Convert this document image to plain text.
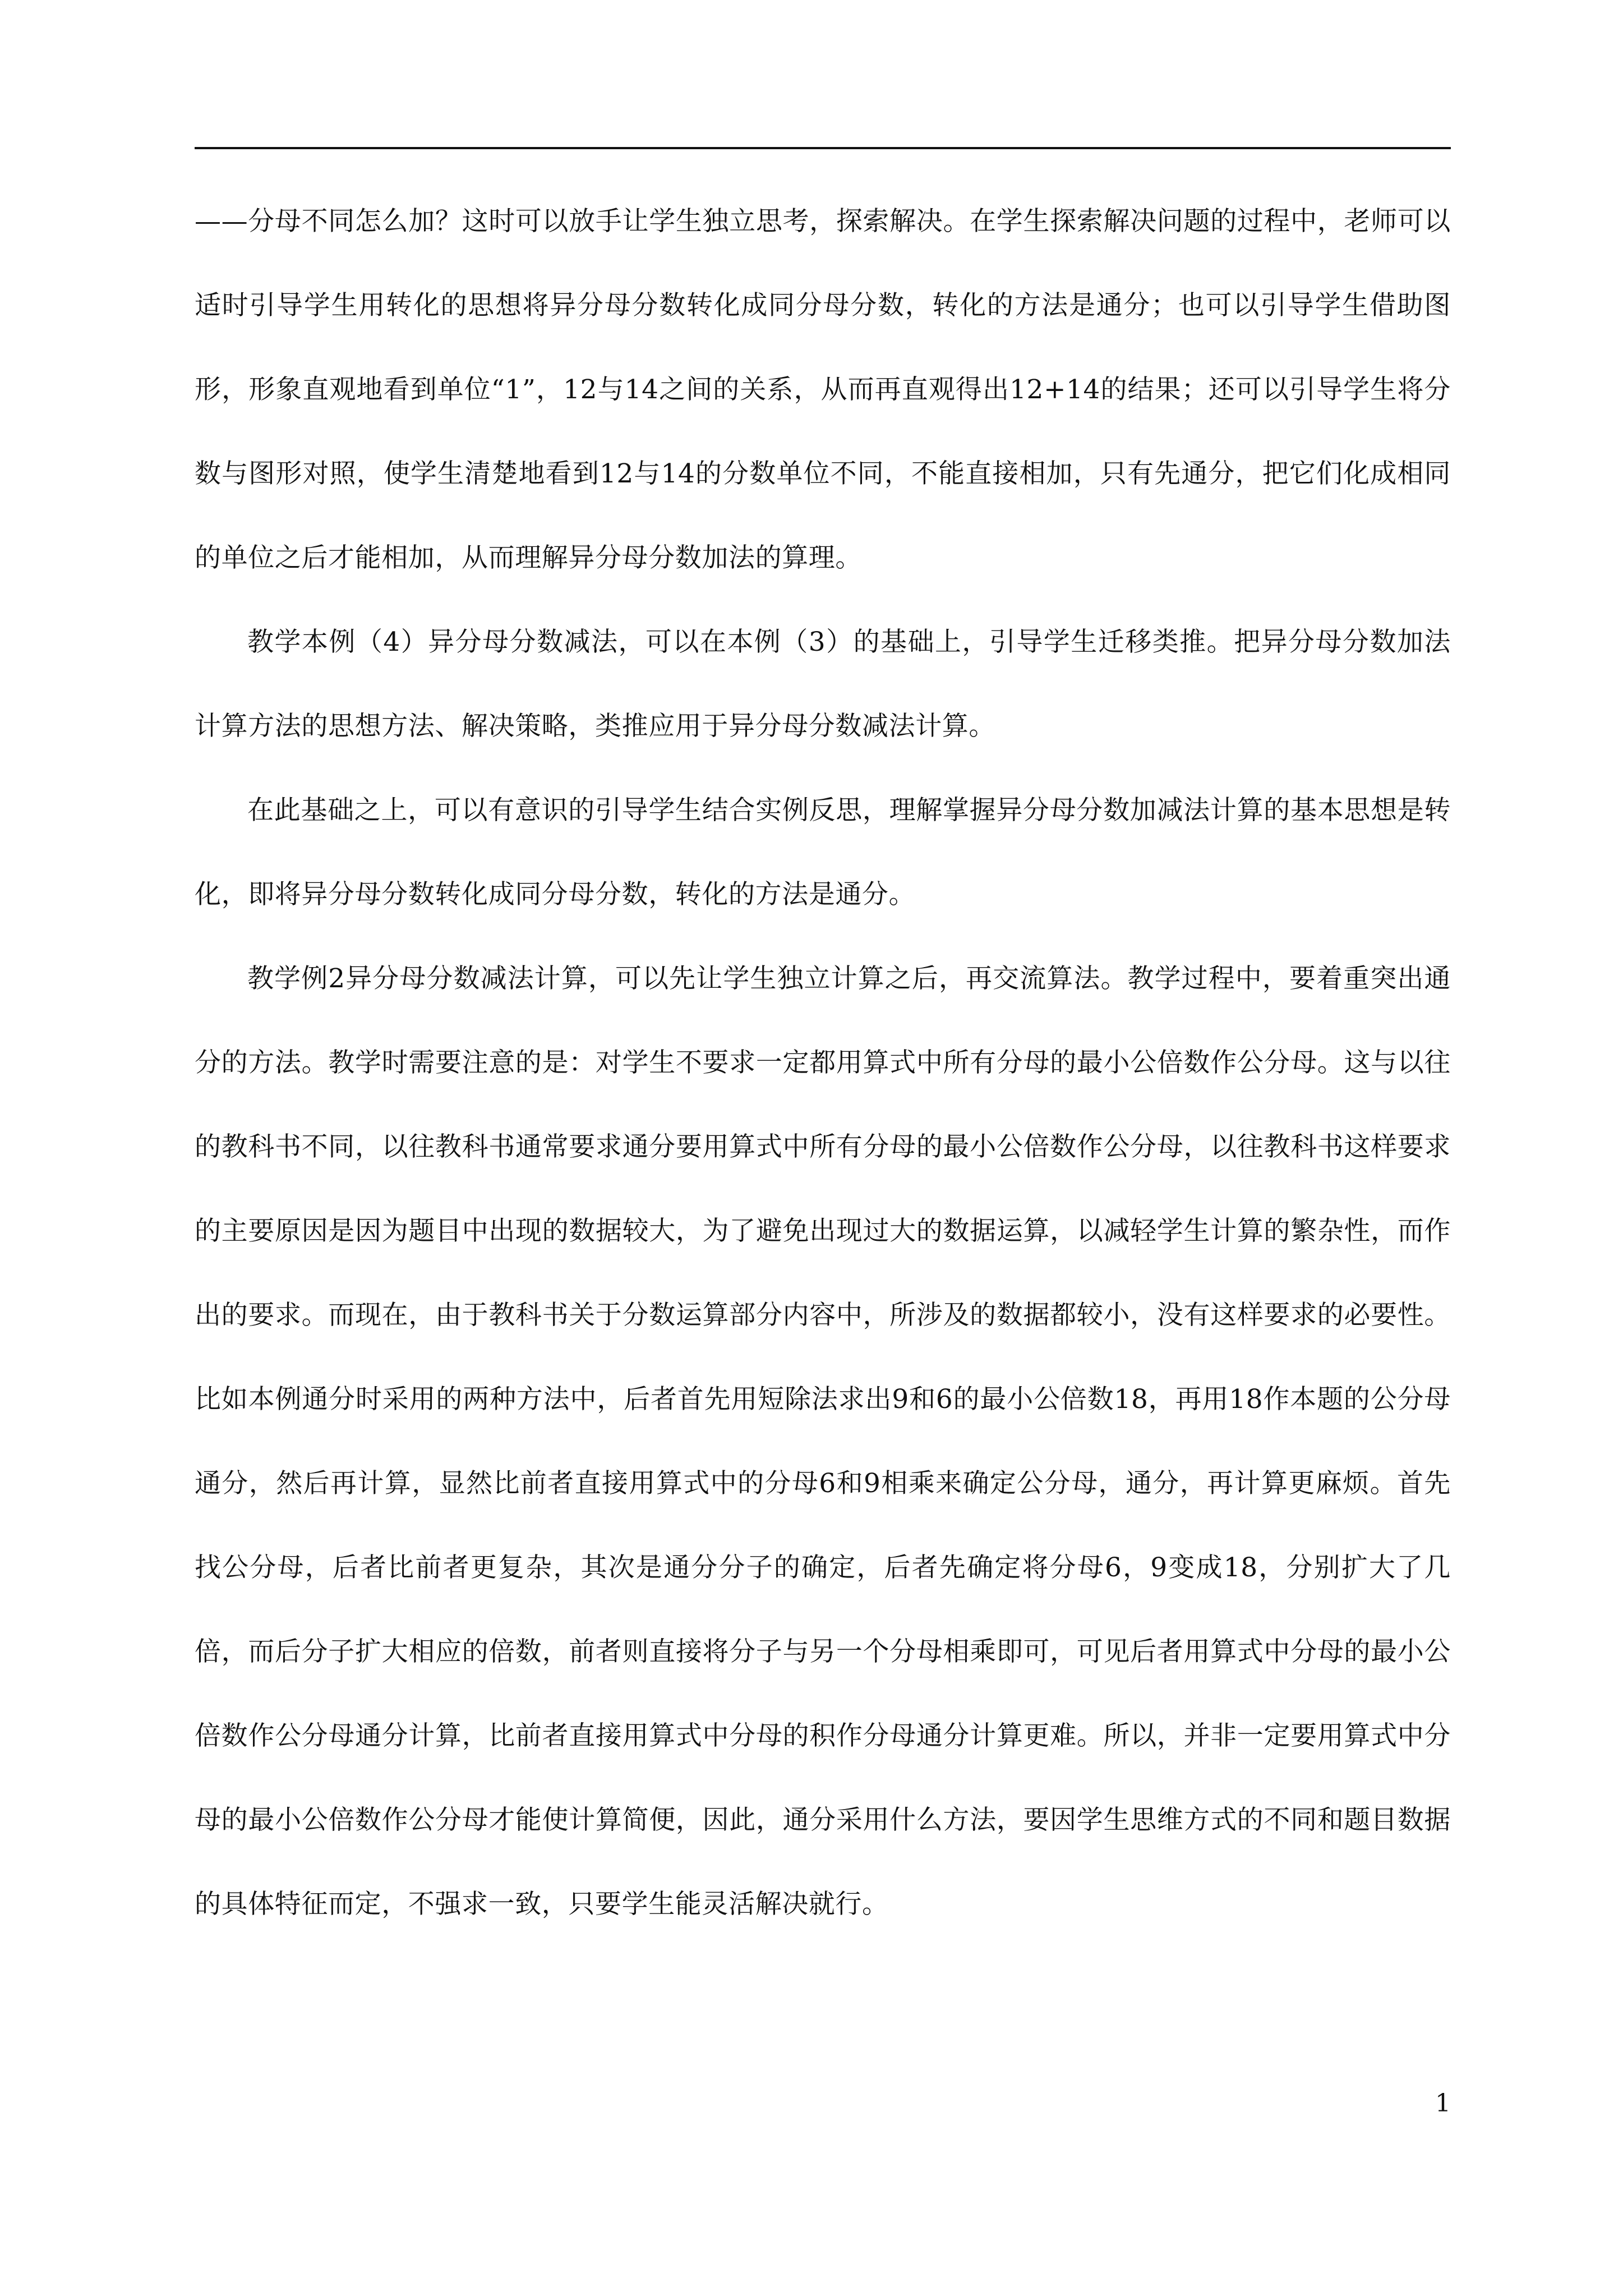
——分母不同怎么加？这时可以放手让学生独立思考，探索解决。在学生探索解决问题的过程中，老师可以适时引导学生用转化的思想将异分母分数转化成同分母分数，转化的方法是通分；也可以引导学生借助图形，形象直观地看到单位“1”，12与14之间的关系，从而再直观得出12+14的结果；还可以引导学生将分数与图形对照，使学生清楚地看到12与14的分数单位不同，不能直接相加，只有先通分，把它们化成相同的单位之后才能相加，从而理解异分母分数加法的算理。

教学本例（4）异分母分数减法，可以在本例（3）的基础上，引导学生迁移类推。把异分母分数加法计算方法的思想方法、解决策略，类推应用于异分母分数减法计算。

在此基础之上，可以有意识的引导学生结合实例反思，理解掌握异分母分数加减法计算的基本思想是转化，即将异分母分数转化成同分母分数，转化的方法是通分。

教学例2异分母分数减法计算，可以先让学生独立计算之后，再交流算法。教学过程中，要着重突出通分的方法。教学时需要注意的是：对学生不要求一定都用算式中所有分母的最小公倍数作公分母。这与以往的教科书不同，以往教科书通常要求通分要用算式中所有分母的最小公倍数作公分母，以往教科书这样要求的主要原因是因为题目中出现的数据较大，为了避免出现过大的数据运算，以减轻学生计算的繁杂性，而作出的要求。而现在，由于教科书关于分数运算部分内容中，所涉及的数据都较小，没有这样要求的必要性。比如本例通分时采用的两种方法中，后者首先用短除法求出9和6的最小公倍数18，再用18作本题的公分母通分，然后再计算，显然比前者直接用算式中的分母6和9相乘来确定公分母，通分，再计算更麻烦。首先找公分母，后者比前者更复杂，其次是通分分子的确定，后者先确定将分母6，9变成18，分别扩大了几倍，而后分子扩大相应的倍数，前者则直接将分子与另一个分母相乘即可，可见后者用算式中分母的最小公倍数作公分母通分计算，比前者直接用算式中分母的积作分母通分计算更难。所以，并非一定要用算式中分母的最小公倍数作公分母才能使计算简便，因此，通分采用什么方法，要因学生思维方式的不同和题目数据的具体特征而定，不强求一致，只要学生能灵活解决就行。

1
